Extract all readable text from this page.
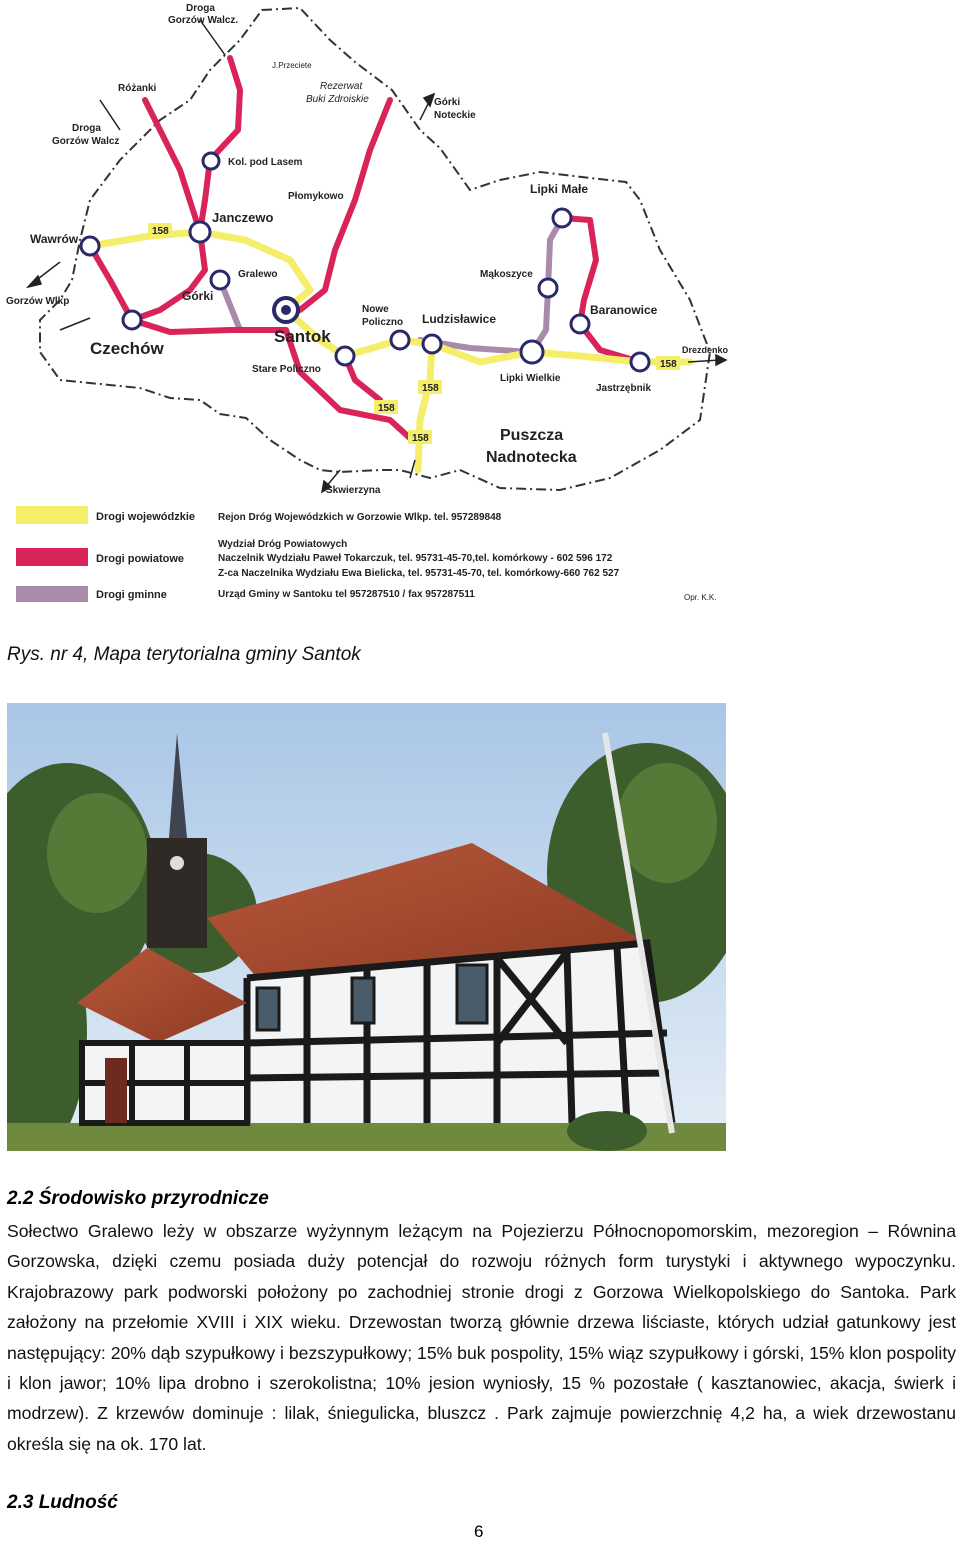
158
158
158
158
158
Droga
Gorzów Walcz.
J.Przeciete
Różanki	Rezerwat
Buki Zdroiskie	Górki
Noteckie
Droga
Gorzów Walcz
Kol. pod Lasem
Płomykowo
Lipki Małe
Wawrów
Janczewo
Mąkoszyce
Gralewo
Gorzów Wlkp	Górki
Baranowice
Nowe
Policzno Ludzisławice
Drezdenko
Czechów
Santok
Stare Policzno
Lipki Wielkie
Jastrzębnik
Puszcza
Nadnotecka
Skwierzyna
Drogi wojewódzkie
Drogi powiatowe
Drogi gminne
Rejon Dróg Wojewódzkich w Gorzowie Wlkp. tel. 957289848
Wydział Dróg Powiatowych
Naczelnik Wydziału Paweł Tokarczuk, tel. 95731-45-70,tel. komórkowy - 602 596 172
Z-ca Naczelnika Wydziału Ewa Bielicka, tel. 95731-45-70, tel. komórkowy-660 762 527
Urząd Gminy w Santoku tel 957287510 / fax 957287511	Opr. K.K.
Rys. nr 4, Mapa terytorialna gminy Santok
2.2 Środowisko przyrodnicze
Sołectwo Gralewo leży w obszarze wyżynnym leżącym na Pojezierzu Północnopomorskim, mezoregion – Równina Gorzowska, dzięki czemu posiada duży potencjał do rozwoju różnych form turystyki i aktywnego wypoczynku. Krajobrazowy park podworski położony po zachodniej stronie drogi z Gorzowa Wielkopolskiego do Santoka. Park założony na przełomie XVIII i XIX wieku. Drzewostan tworzą głównie drzewa liściaste, których udział gatunkowy jest następujący: 20% dąb szypułkowy i bezszypułkowy; 15% buk pospolity, 15% wiąz szypułkowy i górski, 15% klon pospolity i klon jawor; 10% lipa drobno i szerokolistna; 10% jesion wyniosły, 15 % pozostałe ( kasztanowiec, akacja, świerk i modrzew). Z krzewów dominuje : lilak, śniegulicka, bluszcz . Park zajmuje powierzchnię 4,2 ha, a wiek drzewostanu określa się na ok. 170 lat.
2.3 Ludność
6
